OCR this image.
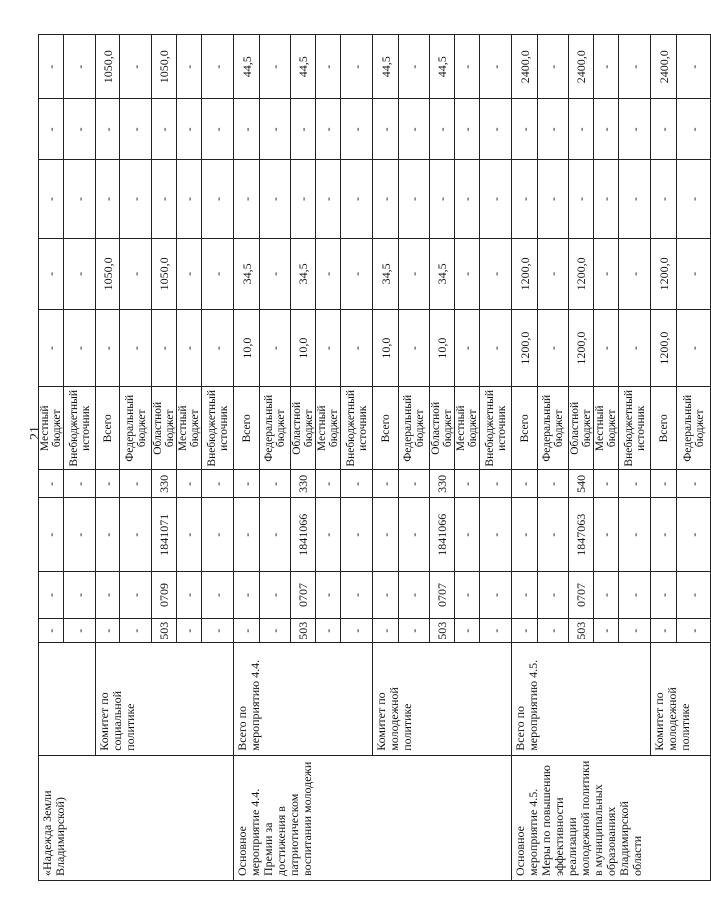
21
«Надежда Земли Владимирской)		-	-	-	-	Местный бюджет	-	-	-	-	-
		-	-	-	-	Внебюджетный источник	-	-	-	-	-
	Комитет по социальной политике	-	-	-	-	Всего	-	1050,0	-	-	1050,0
		-	-	-	-	Федеральный бюджет	-	-	-	-	-
		503	0709	1841071	330	Областной бюджет	-	1050,0	-	-	1050,0
		-	-	-	-	Местный бюджет	-	-	-	-	-
		-	-	-	-	Внебюджетный источник	-	-	-	-	-
Основное мероприятие 4.4. Премии за достижения в патриотическом воспитании молодежи	Всего по мероприятию 4.4.	-	-	-	-	Всего	10,0	34,5	-	-	44,5
		-	-	-	-	Федеральный бюджет	-	-	-	-	-
		503	0707	1841066	330	Областной бюджет	10,0	34,5	-	-	44,5
		-	-	-	-	Местный бюджет	-	-	-	-	-
		-	-	-	-	Внебюджетный источник	-	-	-	-	-
	Комитет по молодежной политике	-	-	-	-	Всего	10,0	34,5	-	-	44,5
		-	-	-	-	Федеральный бюджет	-	-	-	-	-
		503	0707	1841066	330	Областной бюджет	10,0	34,5	-	-	44,5
		-	-	-	-	Местный бюджет	-	-	-	-	-
		-	-	-	-	Внебюджетный источник	-	-	-	-	-
Основное мероприятие 4.5. Меры по повышению эффективности реализации молодежной политики в муниципальных образованиях Владимирской области	Всего по мероприятию 4.5.	-	-	-	-	Всего	1200,0	1200,0	-	-	2400,0
		-	-	-	-	Федеральный бюджет	-	-	-	-	-
		503	0707	1847063	540	Областной бюджет	1200,0	1200,0	-	-	2400,0
		-	-	-	-	Местный бюджет	-	-	-	-	-
		-	-	-	-	Внебюджетный источник	-	-	-	-	-
	Комитет по молодежной политике	-	-	-	-	Всего	1200,0	1200,0	-	-	2400,0
		-	-	-	-	Федеральный бюджет	-	-	-	-	-
